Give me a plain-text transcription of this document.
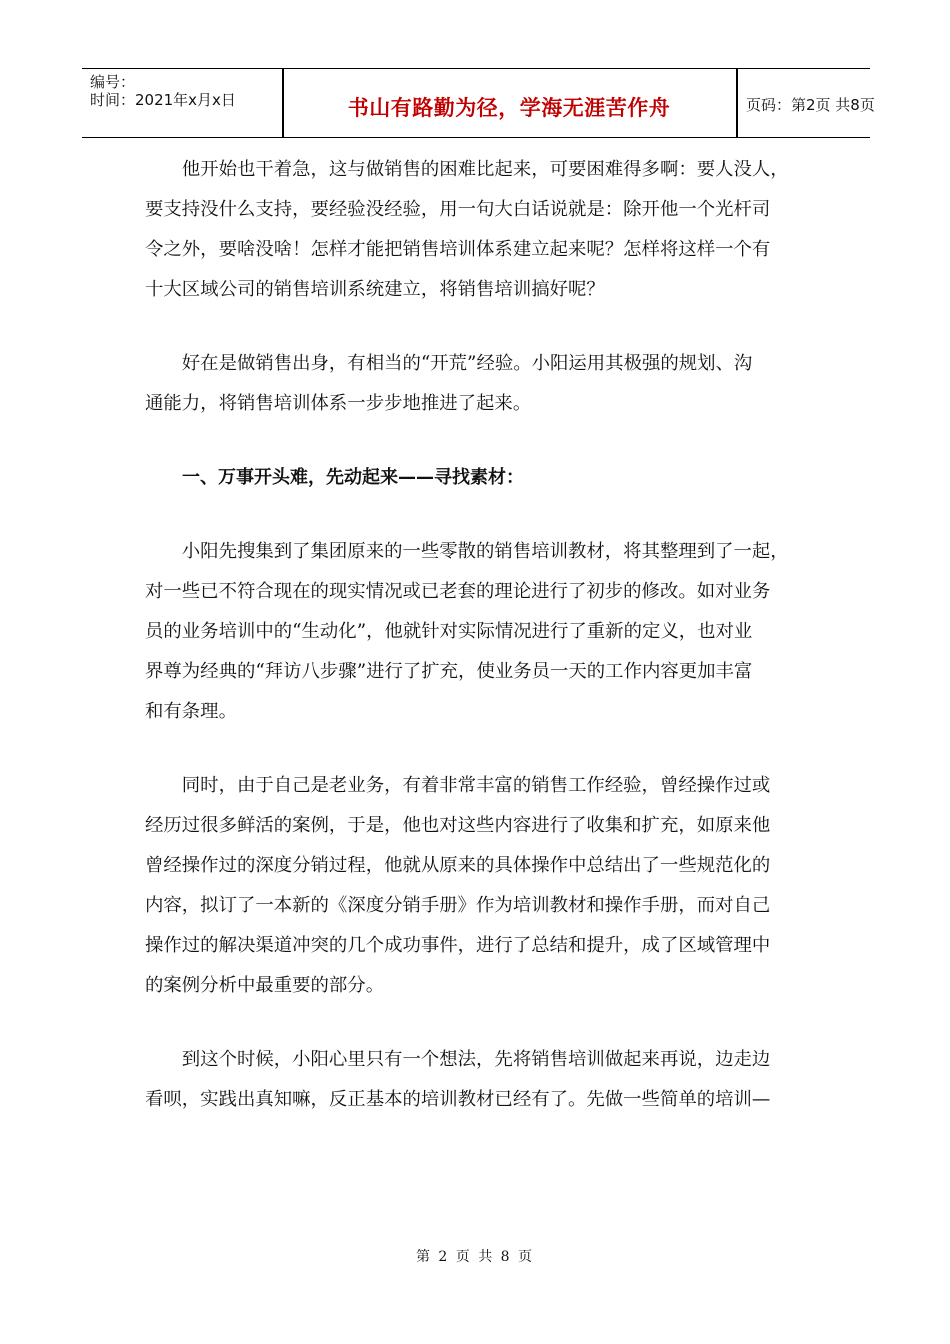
编号：
时间：2021年x月x日	书山有路勤为径，学海无涯苦作舟	页码：第2页 共8页

　　他开始也干着急，这与做销售的困难比起来，可要困难得多啊：要人没人，

要支持没什么支持，要经验没经验，用一句大白话说就是：除开他一个光杆司

令之外，要啥没啥！怎样才能把销售培训体系建立起来呢？怎样将这样一个有

十大区域公司的销售培训系统建立，将销售培训搞好呢？

　　好在是做销售出身，有相当的“开荒”经验。小阳运用其极强的规划、沟

通能力，将销售培训体系一步步地推进了起来。

一、万事开头难，先动起来——寻找素材：

　　小阳先搜集到了集团原来的一些零散的销售培训教材，将其整理到了一起，

对一些已不符合现在的现实情况或已老套的理论进行了初步的修改。如对业务

员的业务培训中的“生动化”，他就针对实际情况进行了重新的定义，也对业

界尊为经典的“拜访八步骤”进行了扩充，使业务员一天的工作内容更加丰富

和有条理。

　　同时，由于自己是老业务，有着非常丰富的销售工作经验，曾经操作过或

经历过很多鲜活的案例，于是，他也对这些内容进行了收集和扩充，如原来他

曾经操作过的深度分销过程，他就从原来的具体操作中总结出了一些规范化的

内容，拟订了一本新的《深度分销手册》作为培训教材和操作手册，而对自己

操作过的解决渠道冲突的几个成功事件，进行了总结和提升，成了区域管理中

的案例分析中最重要的部分。

　　到这个时候，小阳心里只有一个想法，先将销售培训做起来再说，边走边

看呗，实践出真知嘛，反正基本的培训教材已经有了。先做一些简单的培训—

第 2 页 共 8 页
